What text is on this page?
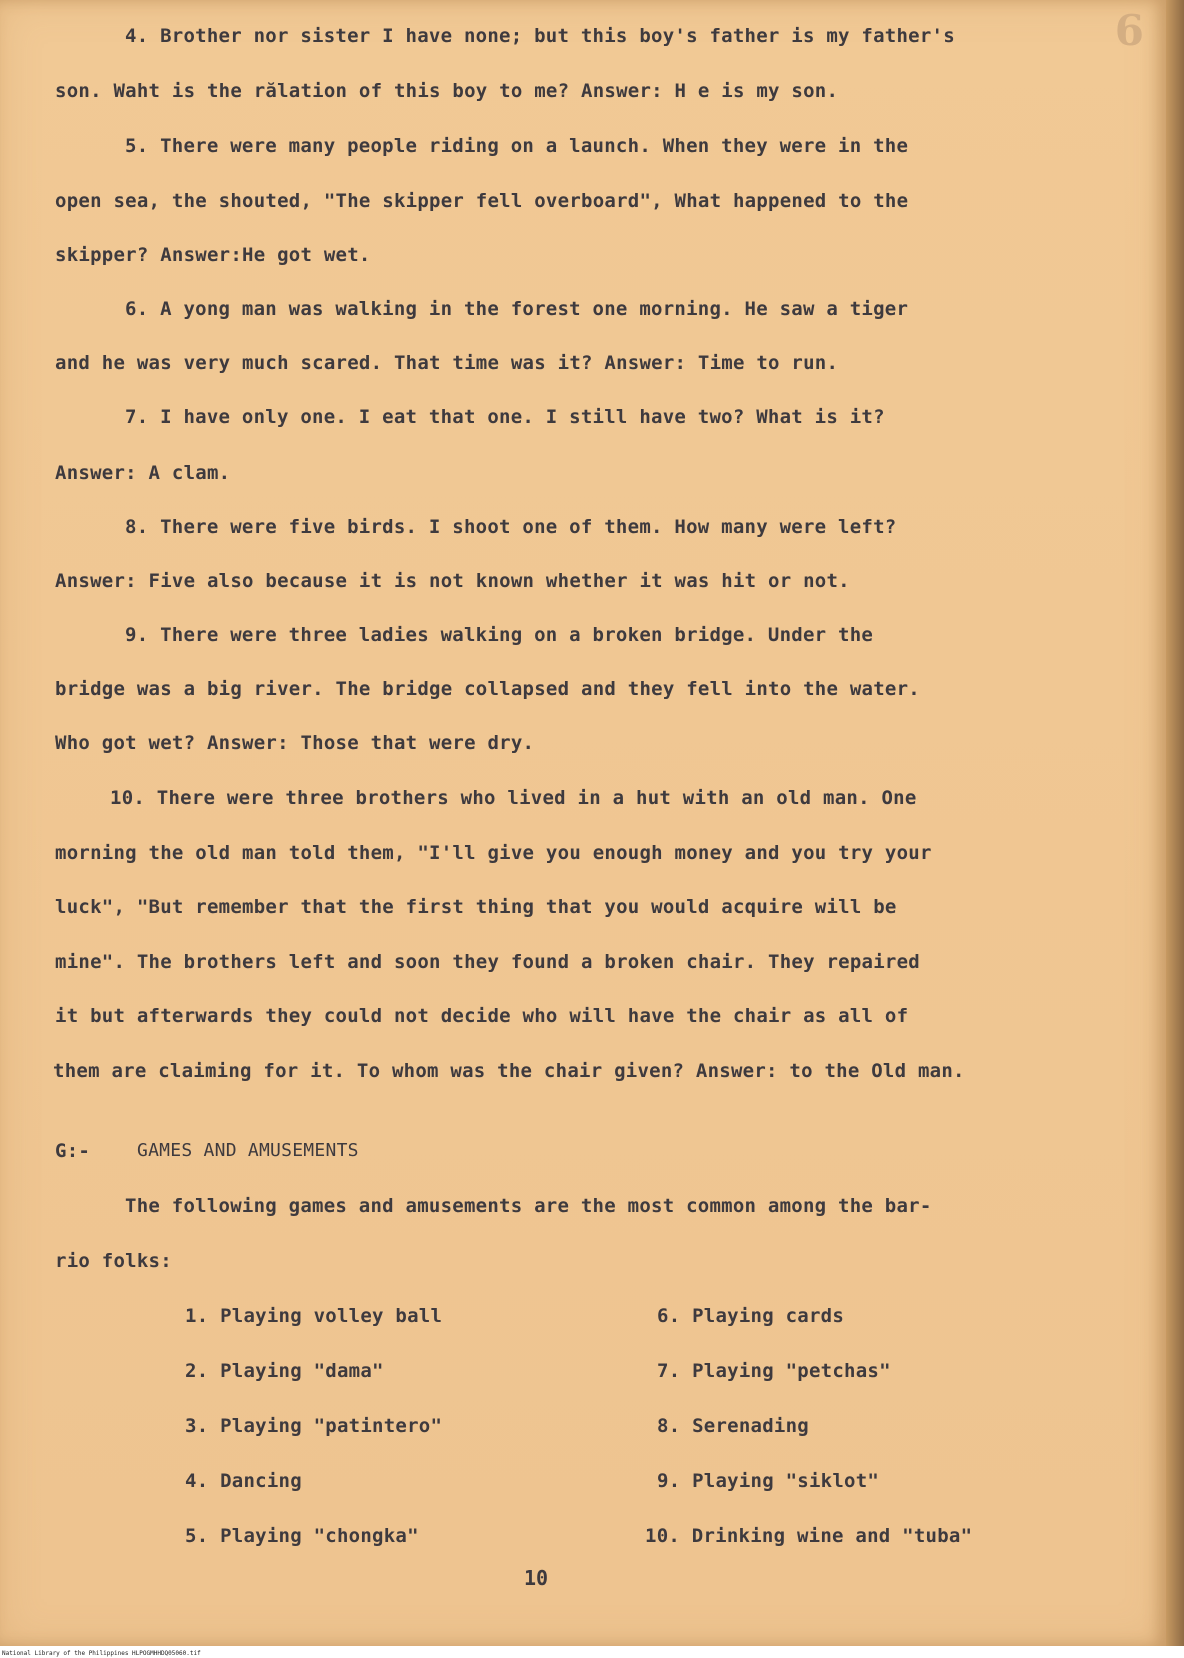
6
4. Brother nor sister I have none; but this boy's father is my father's
son. Waht is the rălation of this boy to me? Answer: H e is my son.
5. There were many people riding on a launch. When they were in the
open sea, the shouted, "The skipper fell overboard", What happened to the
skipper? Answer:He got wet.
6. A yong man was walking in the forest one morning. He saw a tiger
and he was very much scared. That time was it? Answer: Time to run.
7. I have only one. I eat that one. I still have two? What is it?
Answer: A clam.
8. There were five birds. I shoot one of them. How many were left?
Answer: Five also because it is not known whether it was hit or not.
9. There were three ladies walking on a broken bridge. Under the
bridge was a big river. The bridge collapsed and they fell into the water.
Who got wet? Answer: Those that were dry.
10. There were three brothers who lived in a hut with an old man. One
morning the old man told them, "I'll give you enough money and you try your
luck", "But remember that the first thing that you would acquire will be
mine". The brothers left and soon they found a broken chair. They repaired
it but afterwards they could not decide who will have the chair as all of
them are claiming for it. To whom was the chair given? Answer: to the Old man.
G:-	GAMES AND AMUSEMENTS
The following games and amusements are the most common among the bar-
rio folks:
1. Playing volley ball
2. Playing "dama"
3. Playing "patintero"
4. Dancing
5. Playing "chongka"
6. Playing cards
7. Playing "petchas"
8. Serenading
9. Playing "siklot"
10. Drinking wine and "tuba"
10
National Library of the Philippines HLPOGMHHDQ05060.tif
